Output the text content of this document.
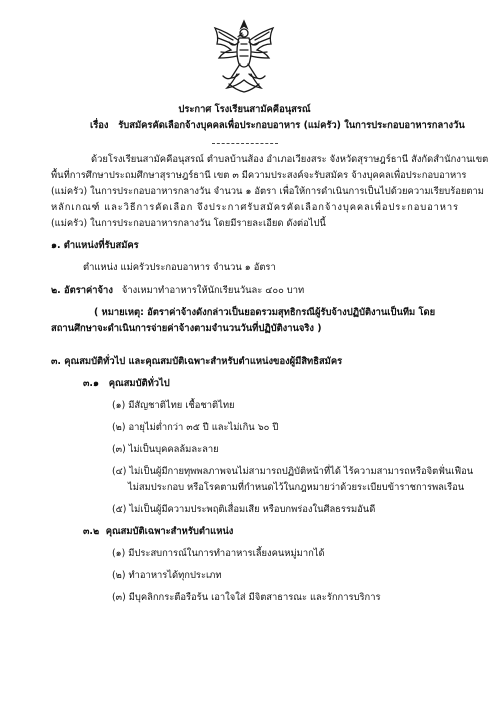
ประกาศ โรงเรียนสามัคคีอนุสรณ์
เรื่อง รับสมัครคัดเลือกจ้างบุคคลเพื่อประกอบอาหาร (แม่ครัว) ในการประกอบอาหารกลางวัน
ด้วยโรงเรียนสามัคคีอนุสรณ์ ตำบลบ้านส้อง อำเภอเวียงสระ จังหวัดสุราษฎร์ธานี สังกัดสำนักงานเขต
พื้นที่การศึกษาประถมศึกษาสุราษฎร์ธานี เขต ๓ มีความประสงค์จะรับสมัคร จ้างบุคคลเพื่อประกอบอาหาร
(แม่ครัว) ในการประกอบอาหารกลางวัน จำนวน ๑ อัตรา เพื่อให้การดำเนินการเป็นไปด้วยความเรียบร้อยตาม
หลักเกณฑ์ และวิธีการคัดเลือก จึงประกาศรับสมัครคัดเลือกจ้างบุคคลเพื่อประกอบอาหาร
(แม่ครัว) ในการประกอบอาหารกลางวัน โดยมีรายละเอียด ดังต่อไปนี้
๑. ตำแหน่งที่รับสมัคร
ตำแหน่ง แม่ครัวประกอบอาหาร จำนวน ๑ อัตรา
๒. อัตราค่าจ้าง จ้างเหมาทำอาหารให้นักเรียนวันละ ๔๐๐ บาท
( หมายเหตุ: อัตราค่าจ้างดังกล่าวเป็นยอดรวมสุทธิกรณีผู้รับจ้างปฏิบัติงานเป็นทีม โดย
สถานศึกษาจะดำเนินการจ่ายค่าจ้างตามจำนวนวันที่ปฏิบัติงานจริง )
๓. คุณสมบัติทั่วไป และคุณสมบัติเฉพาะสำหรับตำแหน่งของผู้มีสิทธิสมัคร
๓.๑ คุณสมบัติทั่วไป
(๑) มีสัญชาติไทย เชื้อชาติไทย
(๒) อายุไม่ต่ำกว่า ๓๕ ปี และไม่เกิน ๖๐ ปี
(๓) ไม่เป็นบุคคลล้มละลาย
(๔) ไม่เป็นผู้มีกายทุพพลภาพจนไม่สามารถปฏิบัติหน้าที่ได้ ไร้ความสามารถหรือจิตฟั่นเฟือน
ไม่สมประกอบ หรือโรคตามที่กำหนดไว้ในกฎหมายว่าด้วยระเบียบข้าราชการพลเรือน
(๕) ไม่เป็นผู้มีความประพฤติเสื่อมเสีย หรือบกพร่องในศีลธรรมอันดี
๓.๒ คุณสมบัติเฉพาะสำหรับตำแหน่ง
(๑) มีประสบการณ์ในการทำอาหารเลี้ยงคนหมู่มากได้
(๒) ทำอาหารได้ทุกประเภท
(๓) มีบุคลิกกระตือรือร้น เอาใจใส่ มีจิตสาธารณะ และรักการบริการ
